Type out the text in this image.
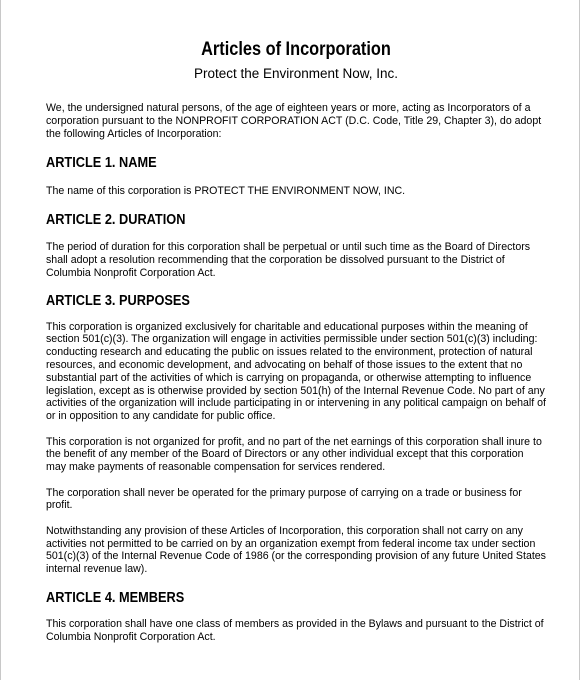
Articles of Incorporation
Protect the Environment Now, Inc.

We, the undersigned natural persons, of the age of eighteen years or more, acting as Incorporators of a corporation pursuant to the NONPROFIT CORPORATION ACT (D.C. Code, Title 29, Chapter 3), do adopt the following Articles of Incorporation:

ARTICLE 1. NAME

The name of this corporation is PROTECT THE ENVIRONMENT NOW, INC.

ARTICLE 2. DURATION

The period of duration for this corporation shall be perpetual or until such time as the Board of Directors shall adopt a resolution recommending that the corporation be dissolved pursuant to the District of Columbia Nonprofit Corporation Act.

ARTICLE 3. PURPOSES

This corporation is organized exclusively for charitable and educational purposes within the meaning of section 501(c)(3). The organization will engage in activities permissible under section 501(c)(3) including: conducting research and educating the public on issues related to the environment, protection of natural resources, and economic development, and advocating on behalf of those issues to the extent that no substantial part of the activities of which is carrying on propaganda, or otherwise attempting to influence legislation, except as is otherwise provided by section 501(h) of the Internal Revenue Code. No part of any activities of the organization will include participating in or intervening in any political campaign on behalf of or in opposition to any candidate for public office.

This corporation is not organized for profit, and no part of the net earnings of this corporation shall inure to the benefit of any member of the Board of Directors or any other individual except that this corporation may make payments of reasonable compensation for services rendered.

The corporation shall never be operated for the primary purpose of carrying on a trade or business for profit.

Notwithstanding any provision of these Articles of Incorporation, this corporation shall not carry on any activities not permitted to be carried on by an organization exempt from federal income tax under section 501(c)(3) of the Internal Revenue Code of 1986 (or the corresponding provision of any future United States internal revenue law).

ARTICLE 4. MEMBERS

This corporation shall have one class of members as provided in the Bylaws and pursuant to the District of Columbia Nonprofit Corporation Act.
